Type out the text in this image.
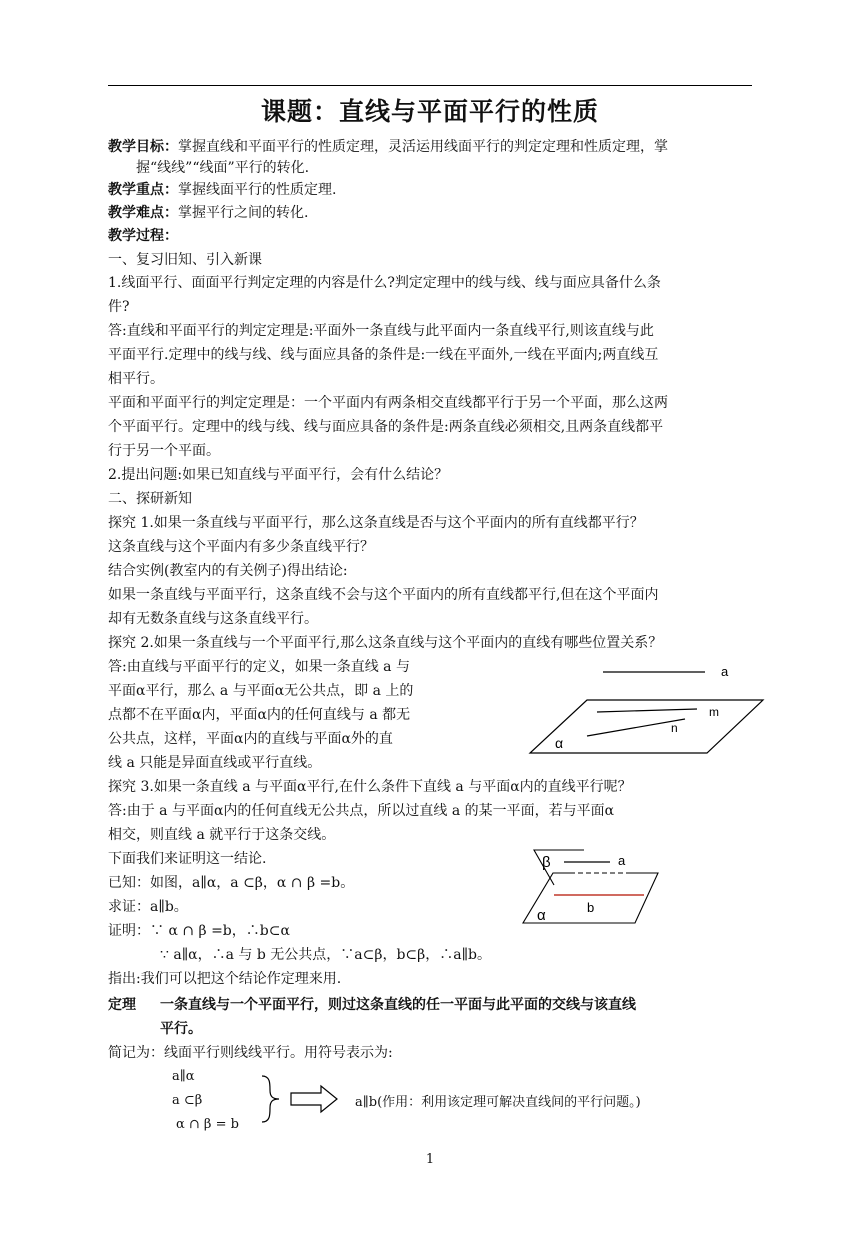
课题：直线与平面平行的性质
教学目标：掌握直线和平面平行的性质定理，灵活运用线面平行的判定定理和性质定理，掌
握“线线”“线面”平行的转化.
教学重点：掌握线面平行的性质定理.
教学难点：掌握平行之间的转化.
教学过程：
一、复习旧知、引入新课
1.线面平行、面面平行判定定理的内容是什么?判定定理中的线与线、线与面应具备什么条
件?
答:直线和平面平行的判定定理是:平面外一条直线与此平面内一条直线平行,则该直线与此
平面平行.定理中的线与线、线与面应具备的条件是:一线在平面外,一线在平面内;两直线互
相平行。
平面和平面平行的判定定理是：一个平面内有两条相交直线都平行于另一个平面，那么这两
个平面平行。定理中的线与线、线与面应具备的条件是:两条直线必须相交,且两条直线都平
行于另一个平面。
2.提出问题:如果已知直线与平面平行，会有什么结论？
二、探研新知
探究 1.如果一条直线与平面平行，那么这条直线是否与这个平面内的所有直线都平行？
这条直线与这个平面内有多少条直线平行？
结合实例(教室内的有关例子)得出结论:
如果一条直线与平面平行，这条直线不会与这个平面内的所有直线都平行,但在这个平面内
却有无数条直线与这条直线平行。
探究 2.如果一条直线与一个平面平行,那么这条直线与这个平面内的直线有哪些位置关系？
答:由直线与平面平行的定义，如果一条直线 a 与
平面α平行，那么 a 与平面α无公共点，即 a 上的
点都不在平面α内，平面α内的任何直线与 a 都无
公共点，这样，平面α内的直线与平面α外的直
线 a 只能是异面直线或平行直线。
a
m
n
α
探究 3.如果一条直线 a 与平面α平行,在什么条件下直线 a 与平面α内的直线平行呢？
答:由于 a 与平面α内的任何直线无公共点，所以过直线 a 的某一平面，若与平面α
相交，则直线 a 就平行于这条交线。
下面我们来证明这一结论.	β	a
b
α
已知：如图，a∥α，a ⊂β，α ∩ β =b。
求证：a∥b。
证明：∵ α ∩ β =b，∴b⊂α
∵ a∥α，∴a 与 b 无公共点，∵a⊂β，b⊂β，∴a∥b。
指出:我们可以把这个结论作定理来用.
定理 一条直线与一个平面平行，则过这条直线的任一平面与此平面的交线与该直线
平行。
简记为：线面平行则线线平行。用符号表示为:
a∥α
a ⊂β
α ∩ β = b
a∥b(作用：利用该定理可解决直线间的平行问题。)
1
